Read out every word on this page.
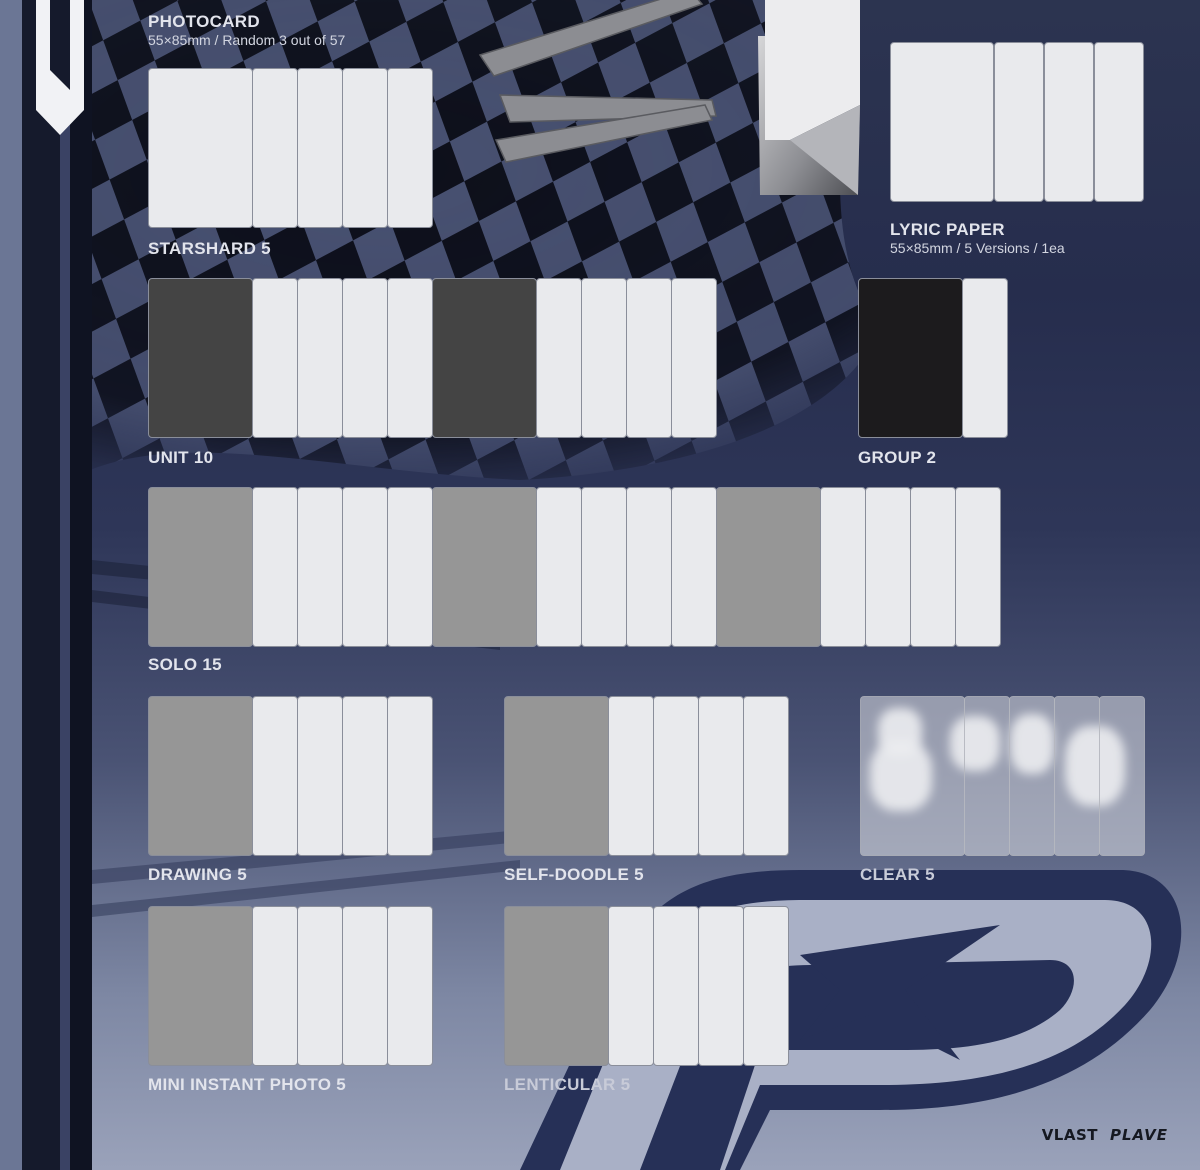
PHOTOCARD
55×85mm / Random 3 out of 57
LYRIC PAPER
55×85mm / 5 Versions / 1ea
STARSHARD 5
UNIT 10	GROUP 2
SOLO 15
DRAWING 5	SELF-DOODLE 5	CLEAR 5
MINI INSTANT PHOTO 5	LENTICULAR 5
VLAST PLAVE
